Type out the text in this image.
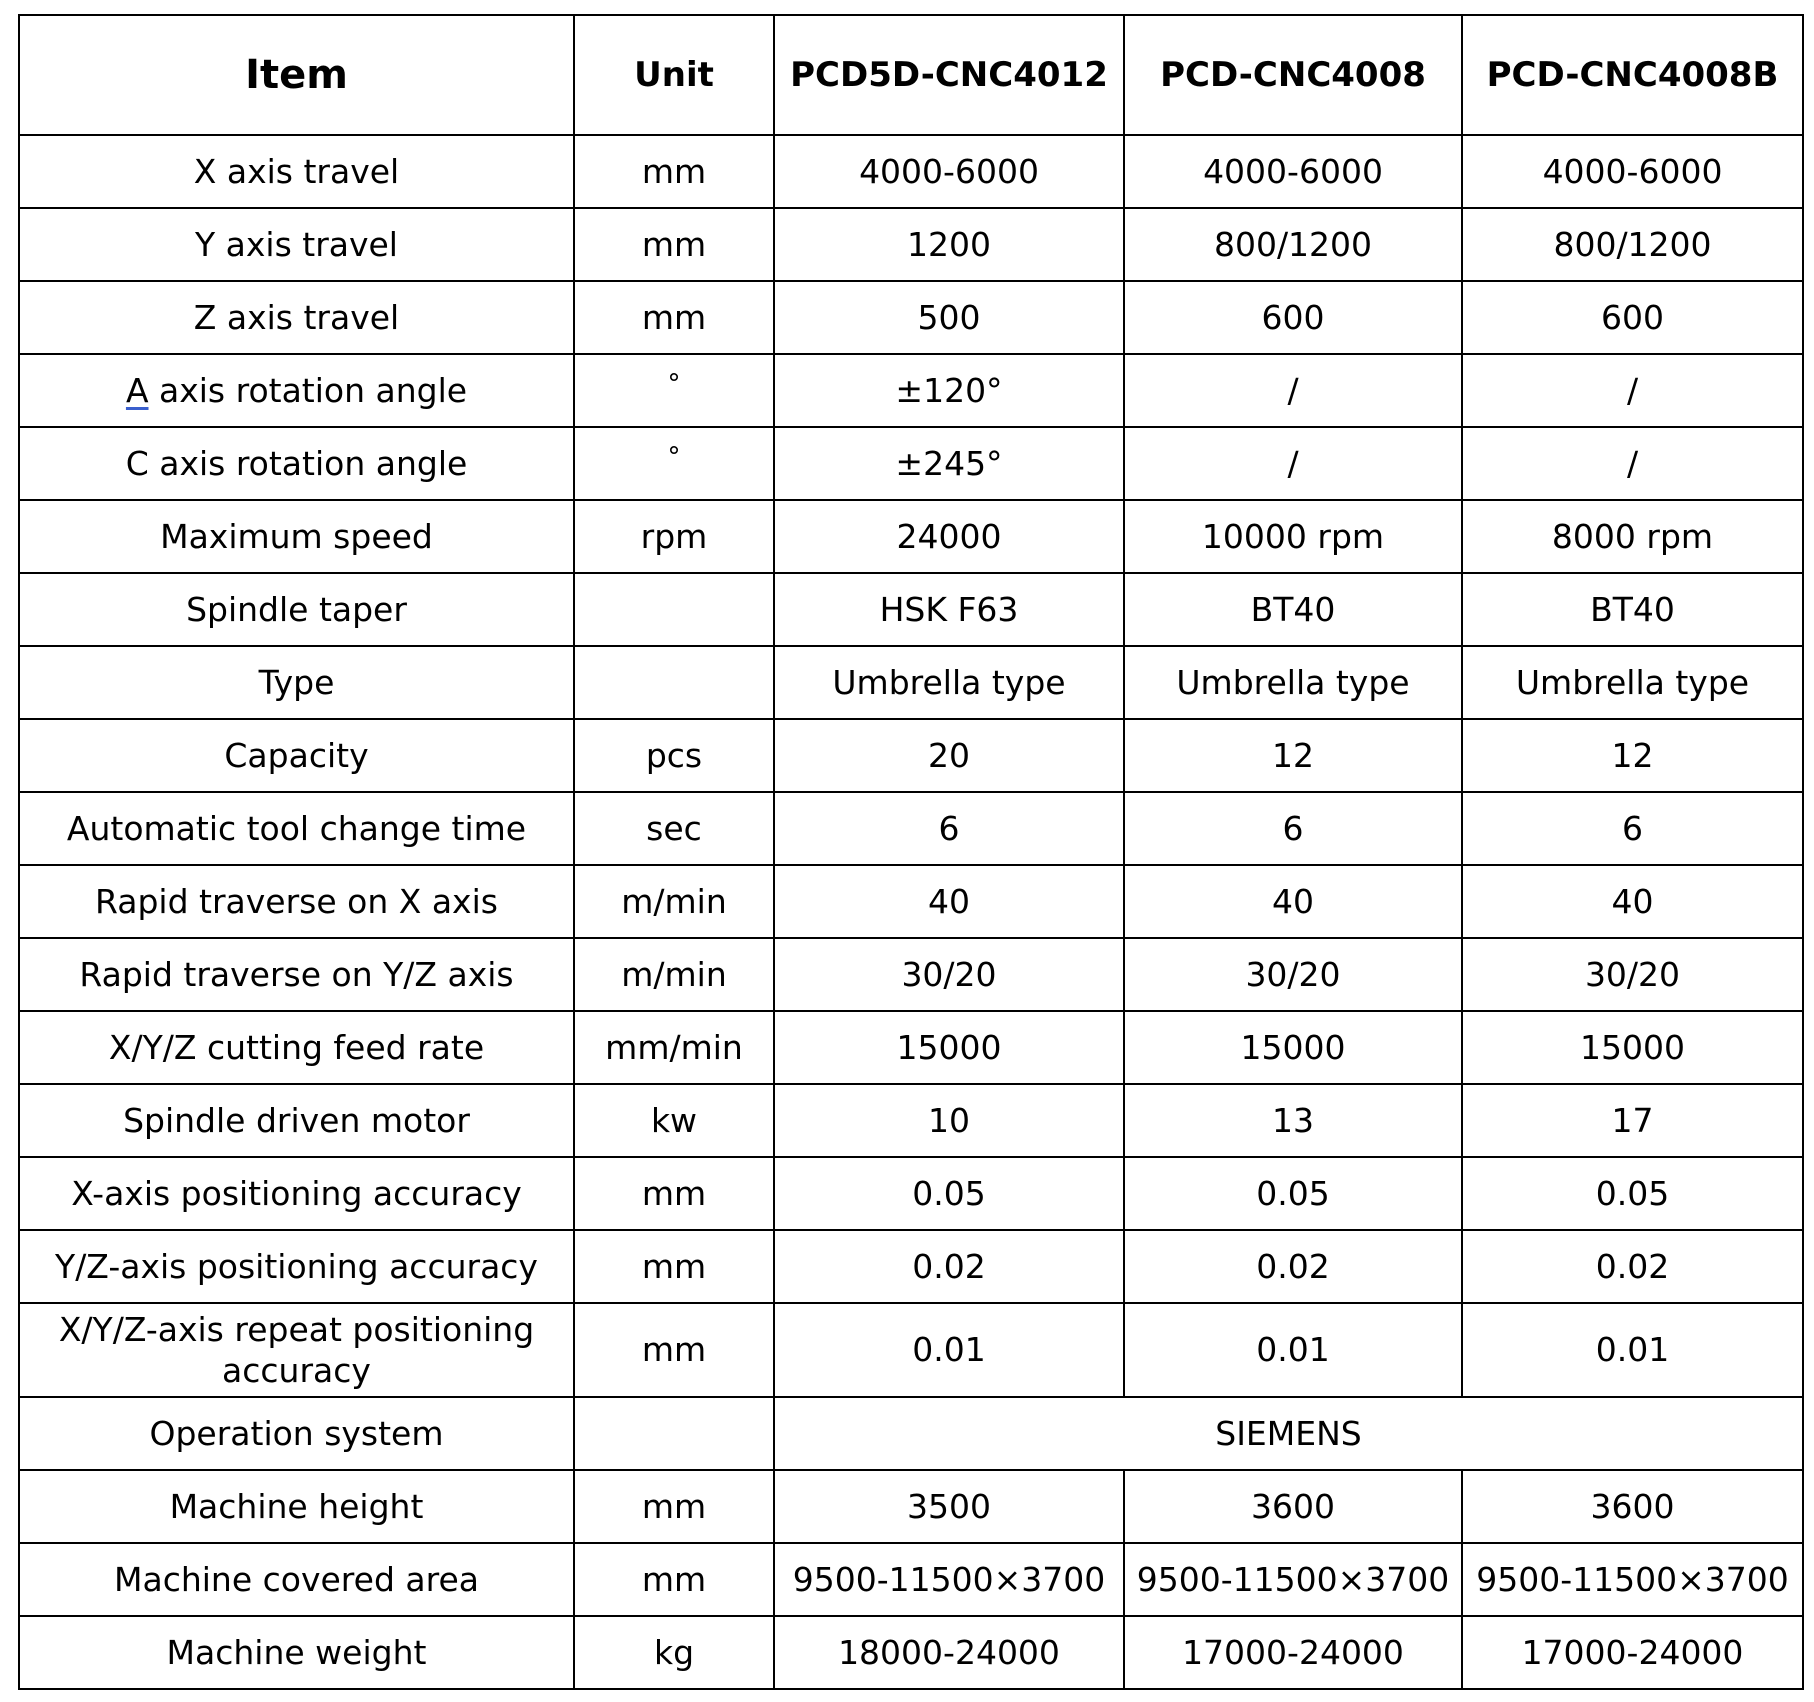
Item	Unit	PCD5D-CNC4012	PCD-CNC4008	PCD-CNC4008B
X axis travel	mm	4000-6000	4000-6000	4000-6000
Y axis travel	mm	1200	800/1200	800/1200
Z axis travel	mm	500	600	600
A axis rotation angle	°	±120°	/	/
C axis rotation angle	°	±245°	/	/
Maximum speed	rpm	24000	10000 rpm	8000 rpm
Spindle taper		HSK F63	BT40	BT40
Type		Umbrella type	Umbrella type	Umbrella type
Capacity	pcs	20	12	12
Automatic tool change time	sec	6	6	6
Rapid traverse on X axis	m/min	40	40	40
Rapid traverse on Y/Z axis	m/min	30/20	30/20	30/20
X/Y/Z cutting feed rate	mm/min	15000	15000	15000
Spindle driven motor	kw	10	13	17
X-axis positioning accuracy	mm	0.05	0.05	0.05
Y/Z-axis positioning accuracy	mm	0.02	0.02	0.02
X/Y/Z-axis repeat positioning accuracy	mm	0.01	0.01	0.01
Operation system		SIEMENS		
Machine height	mm	3500	3600	3600
Machine covered area	mm	9500-11500×3700	9500-11500×3700	9500-11500×3700
Machine weight	kg	18000-24000	17000-24000	17000-24000
